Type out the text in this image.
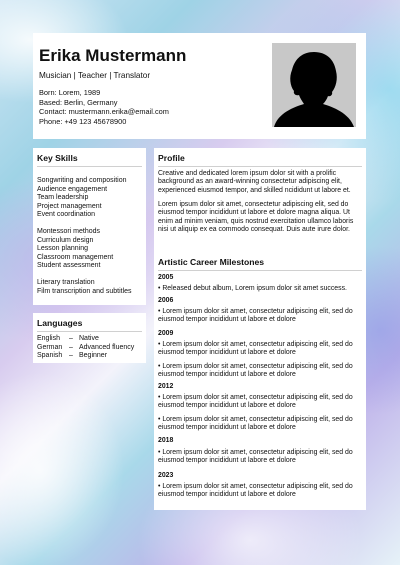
Erika Mustermann
Musician | Teacher | Translator
Born: Lorem, 1989
Based: Berlin, Germany
Contact: mustermann.erika@email.com
Phone: +49 123 45678900
Key Skills
Songwriting and composition
Audience engagement
Team leadership
Project management
Event coordination
Montessori methods
Curriculum design
Lesson planning
Classroom management
Student assessment
Literary translation
Film transcription and subtitles
Languages
English	– Native
German – Advanced fluency
Spanish – Beginner
Profile
Creative and dedicated lorem ipsum dolor sit with a prolific background as an award-winning consectetur adipiscing elit, experienced eiusmod tempor, and skilled ncididunt ut labore et.
Lorem ipsum dolor sit amet, consectetur adipiscing elit, sed do eiusmod tempor incididunt ut labore et dolore magna aliqua. Ut enim ad minim veniam, quis nostrud exercitation ullamco laboris nisi ut aliquip ex ea commodo consequat. Duis aute irure dolor.
Artistic Career Milestones
2005
• Released debut album, Lorem ipsum dolor sit amet success.
2006
• Lorem ipsum dolor sit amet, consectetur adipiscing elit, sed do eiusmod tempor incididunt ut labore et dolore
2009
• Lorem ipsum dolor sit amet, consectetur adipiscing elit, sed do eiusmod tempor incididunt ut labore et dolore
• Lorem ipsum dolor sit amet, consectetur adipiscing elit, sed do eiusmod tempor incididunt ut labore et dolore
2012
• Lorem ipsum dolor sit amet, consectetur adipiscing elit, sed do eiusmod tempor incididunt ut labore et dolore
• Lorem ipsum dolor sit amet, consectetur adipiscing elit, sed do eiusmod tempor incididunt ut labore et dolore
2018
• Lorem ipsum dolor sit amet, consectetur adipiscing elit, sed do eiusmod tempor incididunt ut labore et dolore
2023
• Lorem ipsum dolor sit amet, consectetur adipiscing elit, sed do eiusmod tempor incididunt ut labore et dolore
